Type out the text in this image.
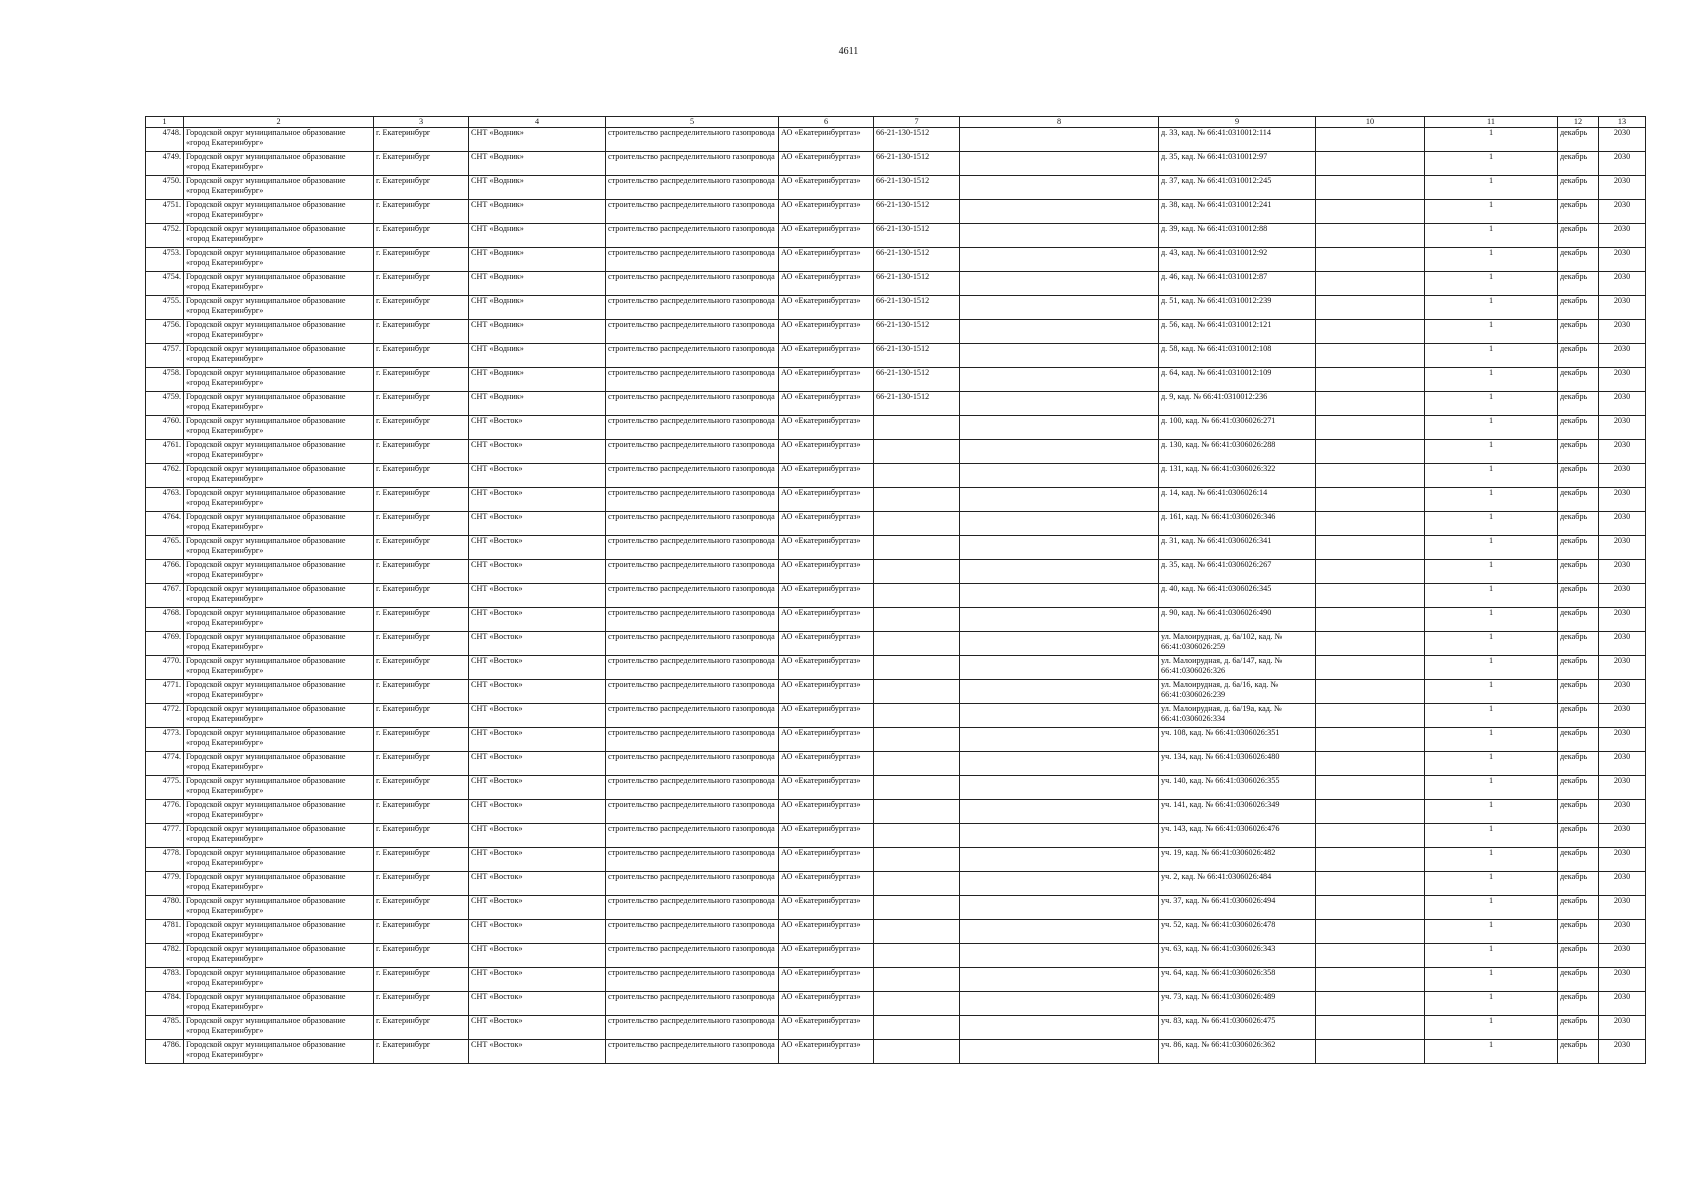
4611
1	2	3	4	5	6	7	8	9	10	11	12	13
4748.	Городской округ муниципальное образование «город Екатеринбург»	г. Екатеринбург	СНТ «Водник»	строительство распределительного газопровода	АО «Екатеринбурггаз»	66-21-130-1512		д. 33, кад. № 66:41:0310012:114		1	декабрь	2030
4749.	Городской округ муниципальное образование «город Екатеринбург»	г. Екатеринбург	СНТ «Водник»	строительство распределительного газопровода	АО «Екатеринбурггаз»	66-21-130-1512		д. 35, кад. № 66:41:0310012:97		1	декабрь	2030
4750.	Городской округ муниципальное образование «город Екатеринбург»	г. Екатеринбург	СНТ «Водник»	строительство распределительного газопровода	АО «Екатеринбурггаз»	66-21-130-1512		д. 37, кад. № 66:41:0310012:245		1	декабрь	2030
4751.	Городской округ муниципальное образование «город Екатеринбург»	г. Екатеринбург	СНТ «Водник»	строительство распределительного газопровода	АО «Екатеринбурггаз»	66-21-130-1512		д. 38, кад. № 66:41:0310012:241		1	декабрь	2030
4752.	Городской округ муниципальное образование «город Екатеринбург»	г. Екатеринбург	СНТ «Водник»	строительство распределительного газопровода	АО «Екатеринбурггаз»	66-21-130-1512		д. 39, кад. № 66:41:0310012:88		1	декабрь	2030
4753.	Городской округ муниципальное образование «город Екатеринбург»	г. Екатеринбург	СНТ «Водник»	строительство распределительного газопровода	АО «Екатеринбурггаз»	66-21-130-1512		д. 43, кад. № 66:41:0310012:92		1	декабрь	2030
4754.	Городской округ муниципальное образование «город Екатеринбург»	г. Екатеринбург	СНТ «Водник»	строительство распределительного газопровода	АО «Екатеринбурггаз»	66-21-130-1512		д. 46, кад. № 66:41:0310012:87		1	декабрь	2030
4755.	Городской округ муниципальное образование «город Екатеринбург»	г. Екатеринбург	СНТ «Водник»	строительство распределительного газопровода	АО «Екатеринбурггаз»	66-21-130-1512		д. 51, кад. № 66:41:0310012:239		1	декабрь	2030
4756.	Городской округ муниципальное образование «город Екатеринбург»	г. Екатеринбург	СНТ «Водник»	строительство распределительного газопровода	АО «Екатеринбурггаз»	66-21-130-1512		д. 56, кад. № 66:41:0310012:121		1	декабрь	2030
4757.	Городской округ муниципальное образование «город Екатеринбург»	г. Екатеринбург	СНТ «Водник»	строительство распределительного газопровода	АО «Екатеринбурггаз»	66-21-130-1512		д. 58, кад. № 66:41:0310012:108		1	декабрь	2030
4758.	Городской округ муниципальное образование «город Екатеринбург»	г. Екатеринбург	СНТ «Водник»	строительство распределительного газопровода	АО «Екатеринбурггаз»	66-21-130-1512		д. 64, кад. № 66:41:0310012:109		1	декабрь	2030
4759.	Городской округ муниципальное образование «город Екатеринбург»	г. Екатеринбург	СНТ «Водник»	строительство распределительного газопровода	АО «Екатеринбурггаз»	66-21-130-1512		д. 9, кад. № 66:41:0310012:236		1	декабрь	2030
4760.	Городской округ муниципальное образование «город Екатеринбург»	г. Екатеринбург	СНТ «Восток»	строительство распределительного газопровода	АО «Екатеринбурггаз»			д. 100, кад. № 66:41:0306026:271		1	декабрь	2030
4761.	Городской округ муниципальное образование «город Екатеринбург»	г. Екатеринбург	СНТ «Восток»	строительство распределительного газопровода	АО «Екатеринбурггаз»			д. 130, кад. № 66:41:0306026:288		1	декабрь	2030
4762.	Городской округ муниципальное образование «город Екатеринбург»	г. Екатеринбург	СНТ «Восток»	строительство распределительного газопровода	АО «Екатеринбурггаз»			д. 131, кад. № 66:41:0306026:322		1	декабрь	2030
4763.	Городской округ муниципальное образование «город Екатеринбург»	г. Екатеринбург	СНТ «Восток»	строительство распределительного газопровода	АО «Екатеринбурггаз»			д. 14, кад. № 66:41:0306026:14		1	декабрь	2030
4764.	Городской округ муниципальное образование «город Екатеринбург»	г. Екатеринбург	СНТ «Восток»	строительство распределительного газопровода	АО «Екатеринбурггаз»			д. 161, кад. № 66:41:0306026:346		1	декабрь	2030
4765.	Городской округ муниципальное образование «город Екатеринбург»	г. Екатеринбург	СНТ «Восток»	строительство распределительного газопровода	АО «Екатеринбурггаз»			д. 31, кад. № 66:41:0306026:341		1	декабрь	2030
4766.	Городской округ муниципальное образование «город Екатеринбург»	г. Екатеринбург	СНТ «Восток»	строительство распределительного газопровода	АО «Екатеринбурггаз»			д. 35, кад. № 66:41:0306026:267		1	декабрь	2030
4767.	Городской округ муниципальное образование «город Екатеринбург»	г. Екатеринбург	СНТ «Восток»	строительство распределительного газопровода	АО «Екатеринбурггаз»			д. 40, кад. № 66:41:0306026:345		1	декабрь	2030
4768.	Городской округ муниципальное образование «город Екатеринбург»	г. Екатеринбург	СНТ «Восток»	строительство распределительного газопровода	АО «Екатеринбурггаз»			д. 90, кад. № 66:41:0306026:490		1	декабрь	2030
4769.	Городской округ муниципальное образование «город Екатеринбург»	г. Екатеринбург	СНТ «Восток»	строительство распределительного газопровода	АО «Екатеринбурггаз»			ул. Малоирудная, д. 6а/102, кад. № 66:41:0306026:259		1	декабрь	2030
4770.	Городской округ муниципальное образование «город Екатеринбург»	г. Екатеринбург	СНТ «Восток»	строительство распределительного газопровода	АО «Екатеринбурггаз»			ул. Малоирудная, д. 6а/147, кад. № 66:41:0306026:326		1	декабрь	2030
4771.	Городской округ муниципальное образование «город Екатеринбург»	г. Екатеринбург	СНТ «Восток»	строительство распределительного газопровода	АО «Екатеринбурггаз»			ул. Малоирудная, д. 6а/16, кад. № 66:41:0306026:239		1	декабрь	2030
4772.	Городской округ муниципальное образование «город Екатеринбург»	г. Екатеринбург	СНТ «Восток»	строительство распределительного газопровода	АО «Екатеринбурггаз»			ул. Малоирудная, д. 6а/19а, кад. № 66:41:0306026:334		1	декабрь	2030
4773.	Городской округ муниципальное образование «город Екатеринбург»	г. Екатеринбург	СНТ «Восток»	строительство распределительного газопровода	АО «Екатеринбурггаз»			уч. 108, кад. № 66:41:0306026:351		1	декабрь	2030
4774.	Городской округ муниципальное образование «город Екатеринбург»	г. Екатеринбург	СНТ «Восток»	строительство распределительного газопровода	АО «Екатеринбурггаз»			уч. 134, кад. № 66:41:0306026:480		1	декабрь	2030
4775.	Городской округ муниципальное образование «город Екатеринбург»	г. Екатеринбург	СНТ «Восток»	строительство распределительного газопровода	АО «Екатеринбурггаз»			уч. 140, кад. № 66:41:0306026:355		1	декабрь	2030
4776.	Городской округ муниципальное образование «город Екатеринбург»	г. Екатеринбург	СНТ «Восток»	строительство распределительного газопровода	АО «Екатеринбурггаз»			уч. 141, кад. № 66:41:0306026:349		1	декабрь	2030
4777.	Городской округ муниципальное образование «город Екатеринбург»	г. Екатеринбург	СНТ «Восток»	строительство распределительного газопровода	АО «Екатеринбурггаз»			уч. 143, кад. № 66:41:0306026:476		1	декабрь	2030
4778.	Городской округ муниципальное образование «город Екатеринбург»	г. Екатеринбург	СНТ «Восток»	строительство распределительного газопровода	АО «Екатеринбурггаз»			уч. 19, кад. № 66:41:0306026:482		1	декабрь	2030
4779.	Городской округ муниципальное образование «город Екатеринбург»	г. Екатеринбург	СНТ «Восток»	строительство распределительного газопровода	АО «Екатеринбурггаз»			уч. 2, кад. № 66:41:0306026:484		1	декабрь	2030
4780.	Городской округ муниципальное образование «город Екатеринбург»	г. Екатеринбург	СНТ «Восток»	строительство распределительного газопровода	АО «Екатеринбурггаз»			уч. 37, кад. № 66:41:0306026:494		1	декабрь	2030
4781.	Городской округ муниципальное образование «город Екатеринбург»	г. Екатеринбург	СНТ «Восток»	строительство распределительного газопровода	АО «Екатеринбурггаз»			уч. 52, кад. № 66:41:0306026:478		1	декабрь	2030
4782.	Городской округ муниципальное образование «город Екатеринбург»	г. Екатеринбург	СНТ «Восток»	строительство распределительного газопровода	АО «Екатеринбурггаз»			уч. 63, кад. № 66:41:0306026:343		1	декабрь	2030
4783.	Городской округ муниципальное образование «город Екатеринбург»	г. Екатеринбург	СНТ «Восток»	строительство распределительного газопровода	АО «Екатеринбурггаз»			уч. 64, кад. № 66:41:0306026:358		1	декабрь	2030
4784.	Городской округ муниципальное образование «город Екатеринбург»	г. Екатеринбург	СНТ «Восток»	строительство распределительного газопровода	АО «Екатеринбурггаз»			уч. 73, кад. № 66:41:0306026:489		1	декабрь	2030
4785.	Городской округ муниципальное образование «город Екатеринбург»	г. Екатеринбург	СНТ «Восток»	строительство распределительного газопровода	АО «Екатеринбурггаз»			уч. 83, кад. № 66:41:0306026:475		1	декабрь	2030
4786.	Городской округ муниципальное образование «город Екатеринбург»	г. Екатеринбург	СНТ «Восток»	строительство распределительного газопровода	АО «Екатеринбурггаз»			уч. 86, кад. № 66:41:0306026:362		1	декабрь	2030
